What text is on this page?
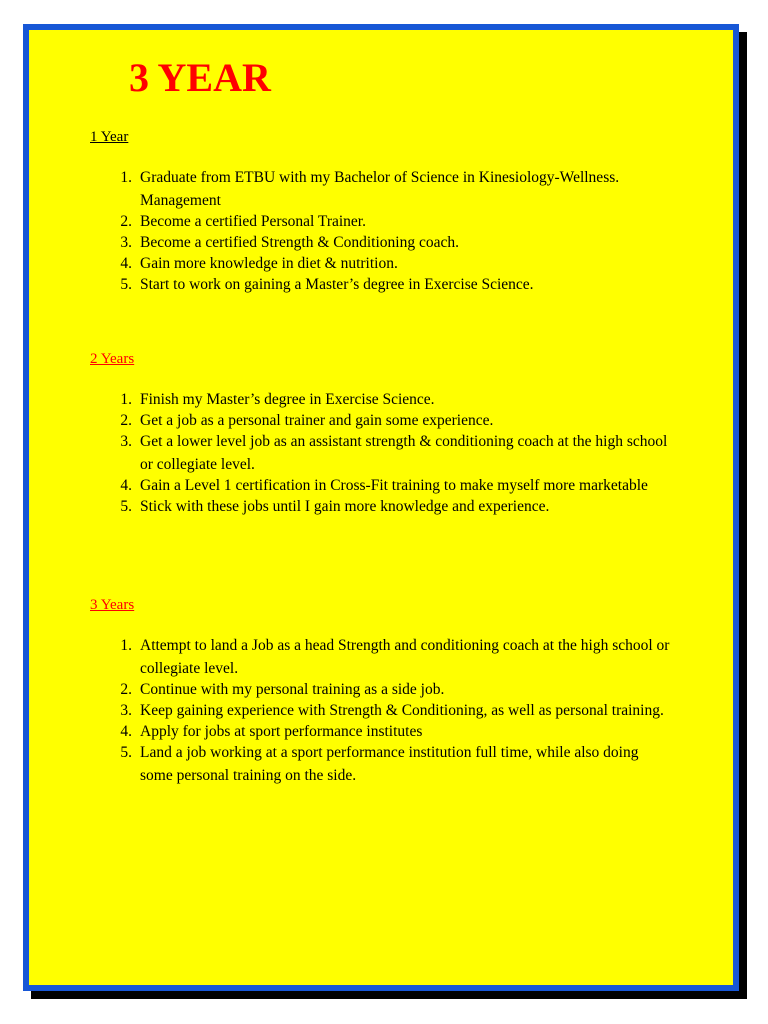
3 YEAR
1 Year
1. Graduate from ETBU with my Bachelor of Science in Kinesiology-Wellness. Management
2. Become a certified Personal Trainer.
3. Become a certified Strength & Conditioning coach.
4. Gain more knowledge in diet & nutrition.
5. Start to work on gaining a Master’s degree in Exercise Science.
2 Years
1. Finish my Master’s degree in Exercise Science.
2. Get a job as a personal trainer and gain some experience.
3. Get a lower level job as an assistant strength & conditioning coach at the high school or collegiate level.
4. Gain a Level 1 certification in Cross-Fit training to make myself more marketable
5. Stick with these jobs until I gain more knowledge and experience.
3 Years
1. Attempt to land a Job as a head Strength and conditioning coach at the high school or collegiate level.
2. Continue with my personal training as a side job.
3. Keep gaining experience with Strength & Conditioning, as well as personal training.
4. Apply for jobs at sport performance institutes
5. Land a job working at a sport performance institution full time, while also doing some personal training on the side.
